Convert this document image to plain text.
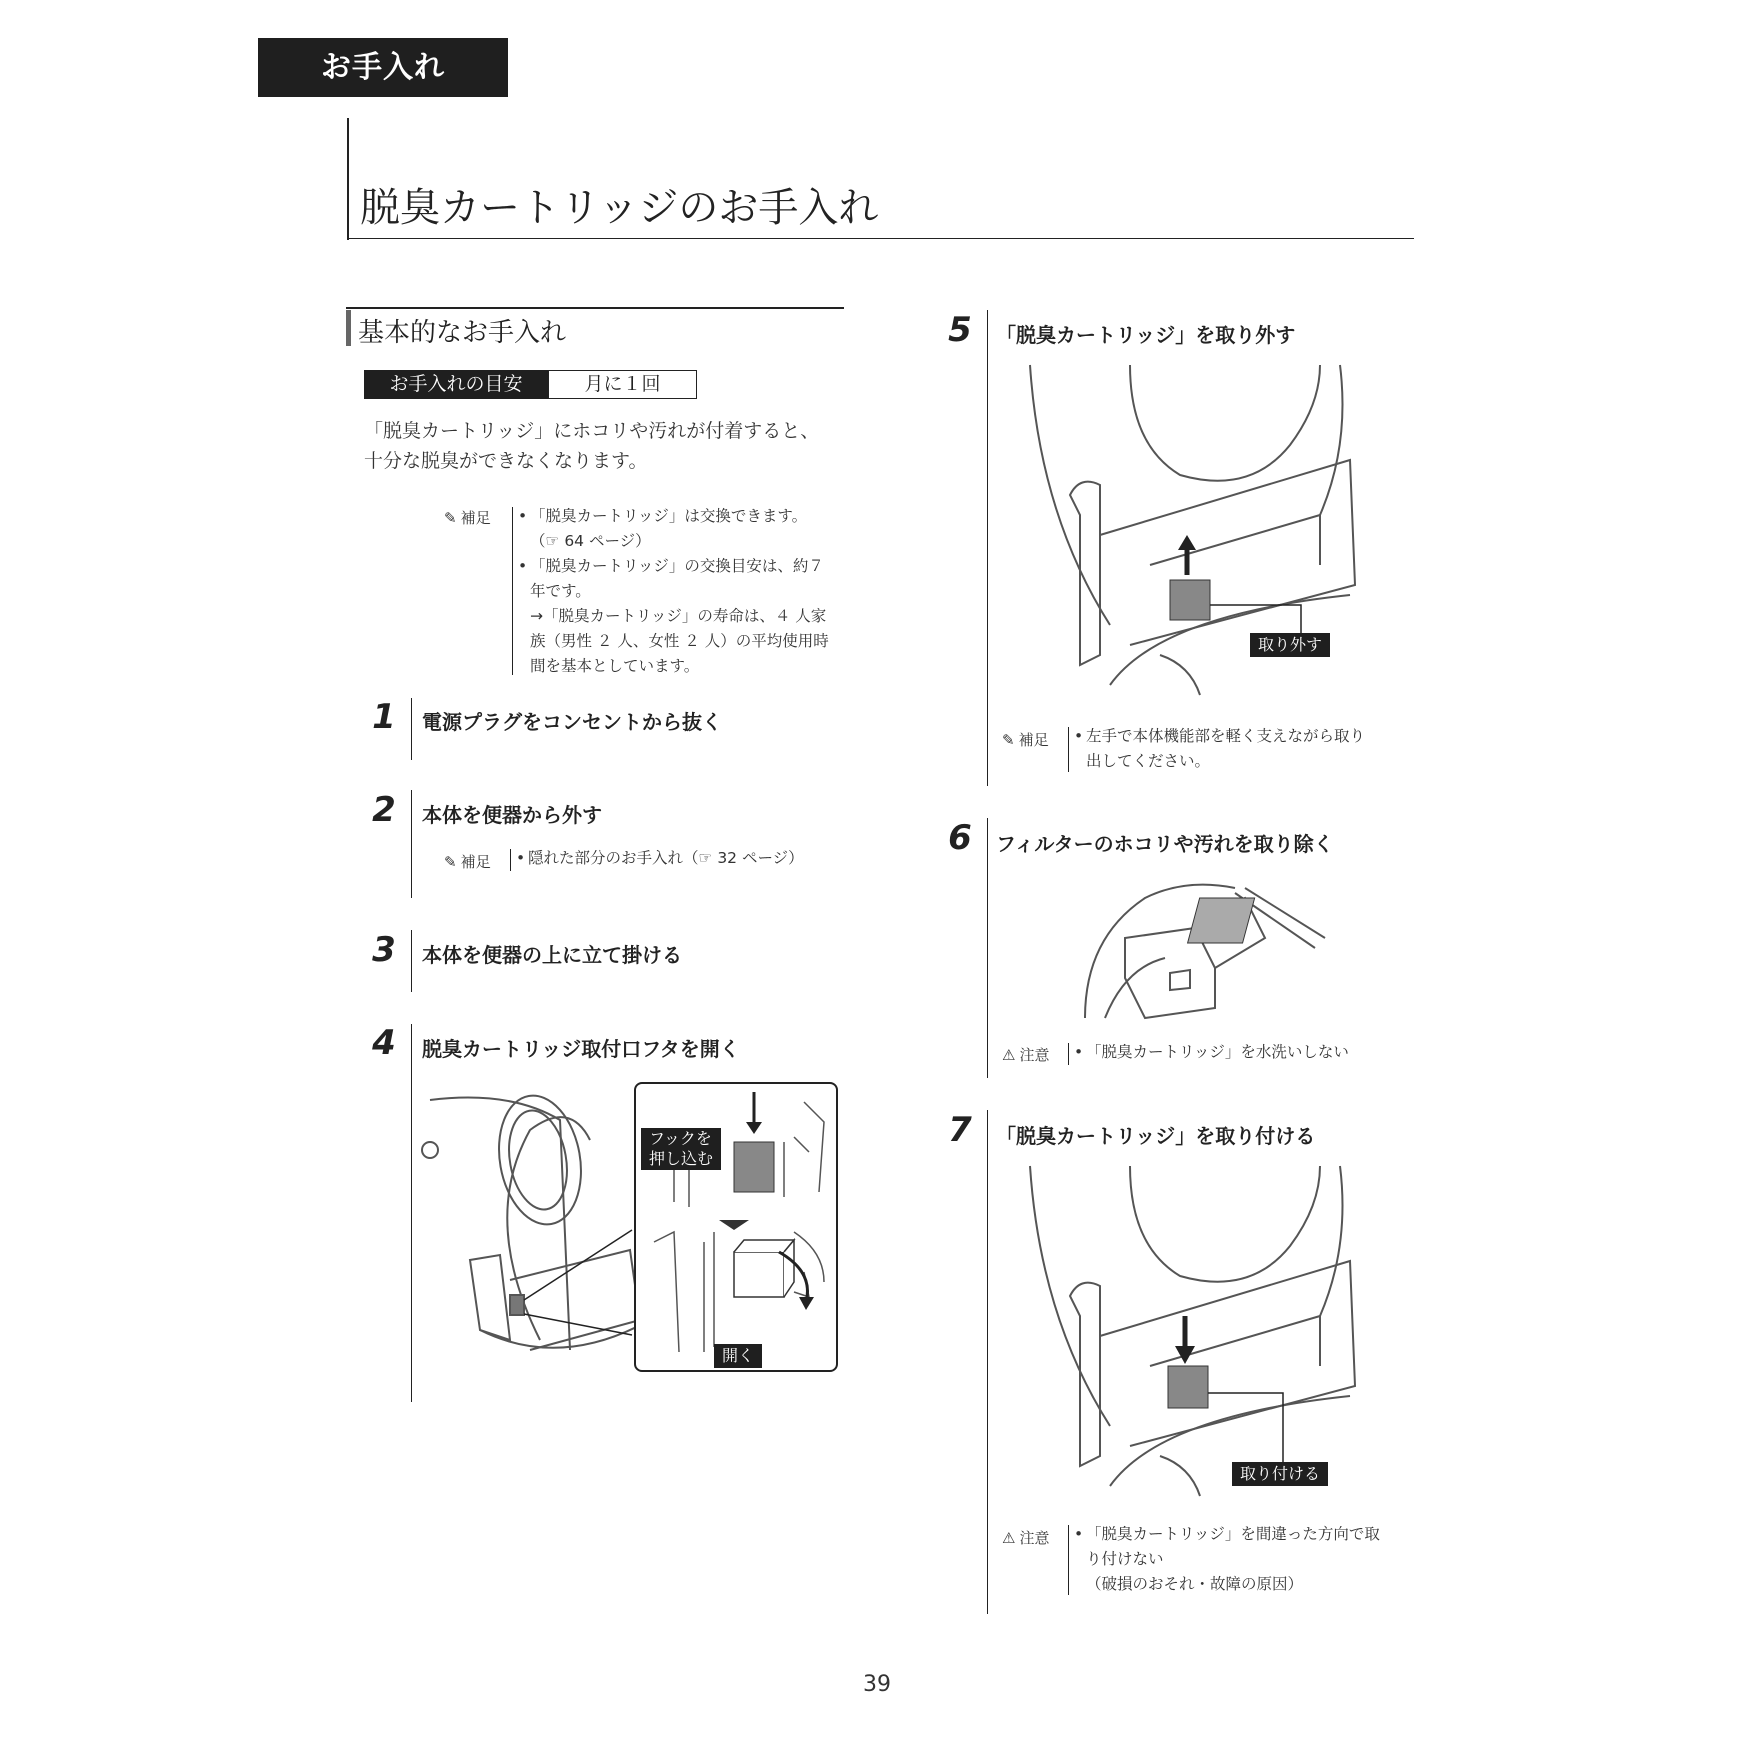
お手入れ
脱臭カートリッジのお手入れ
基本的なお手入れ
お手入れの目安	月に１回
「脱臭カートリッジ」にホコリや汚れが付着すると、
十分な脱臭ができなくなります。
✎ 補足	• 「脱臭カートリッジ」は交換できます。
（☞ 64 ページ）
• 「脱臭カートリッジ」の交換目安は、約７
年です。
→「脱臭カートリッジ」の寿命は、４ 人家
族（男性 ２ 人、女性 ２ 人）の平均使用時
間を基本としています。
1	電源プラグをコンセントから抜く
2	本体を便器から外す
✎ 補足	• 隠れた部分のお手入れ（☞ 32 ページ）
3	本体を便器の上に立て掛ける
4	脱臭カートリッジ取付口フタを開く
フックを
押し込む
開く
5	「脱臭カートリッジ」を取り外す
取り外す
✎ 補足	• 左手で本体機能部を軽く支えながら取り
出してください。
6	フィルターのホコリや汚れを取り除く
⚠ 注意	• 「脱臭カートリッジ」を水洗いしない
7	「脱臭カートリッジ」を取り付ける
取り付ける
⚠ 注意	• 「脱臭カートリッジ」を間違った方向で取
り付けない
（破損のおそれ・故障の原因）
39
